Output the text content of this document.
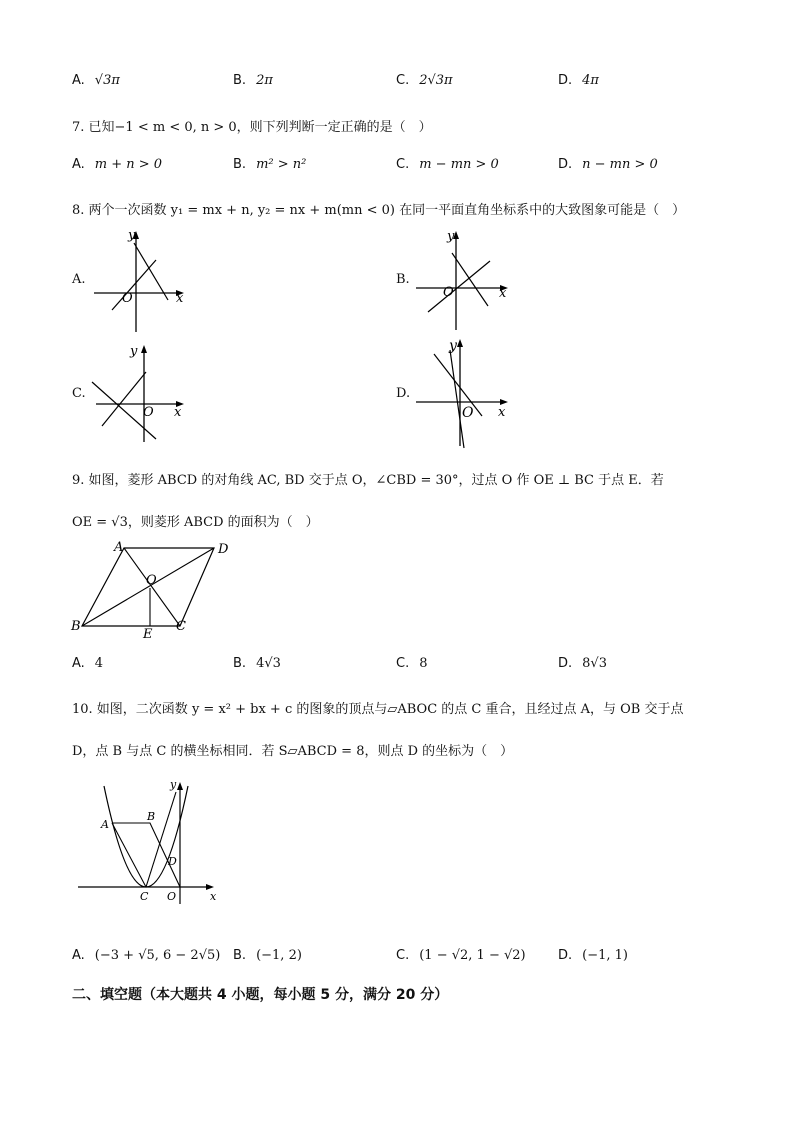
A. √3π	B. 2π	C. 2√3π	D. 4π
7. 已知−1 < m < 0, n > 0，则下列判断一定正确的是（　）
A. m + n > 0	B. m² > n²	C. m − mn > 0	D. n − mn > 0
8. 两个一次函数 y₁ = mx + n, y₂ = nx + m(mn < 0) 在同一平面直角坐标系中的大致图象可能是（　）
A.
y
x
O
B.
y
x
O
C.
y
x
O
D.
y
x
O
9. 如图，菱形 ABCD 的对角线 AC, BD 交于点 O，∠CBD = 30°，过点 O 作 OE ⊥ BC 于点 E．若
OE = √3，则菱形 ABCD 的面积为（　）
A	D
B	C
O
E
A. 4	B. 4√3	C. 8	D. 8√3
10. 如图，二次函数 y = x² + bx + c 的图象的顶点与▱ABOC 的点 C 重合，且经过点 A，与 OB 交于点
D，点 B 与点 C 的横坐标相同．若 S▱ABCD = 8，则点 D 的坐标为（　）
A
B
C
D
O	x
y
A. (−3 + √5, 6 − 2√5) B. (−1, 2)	C. (1 − √2, 1 − √2) D. (−1, 1)
二、填空题（本大题共 4 小题，每小题 5 分，满分 20 分）
